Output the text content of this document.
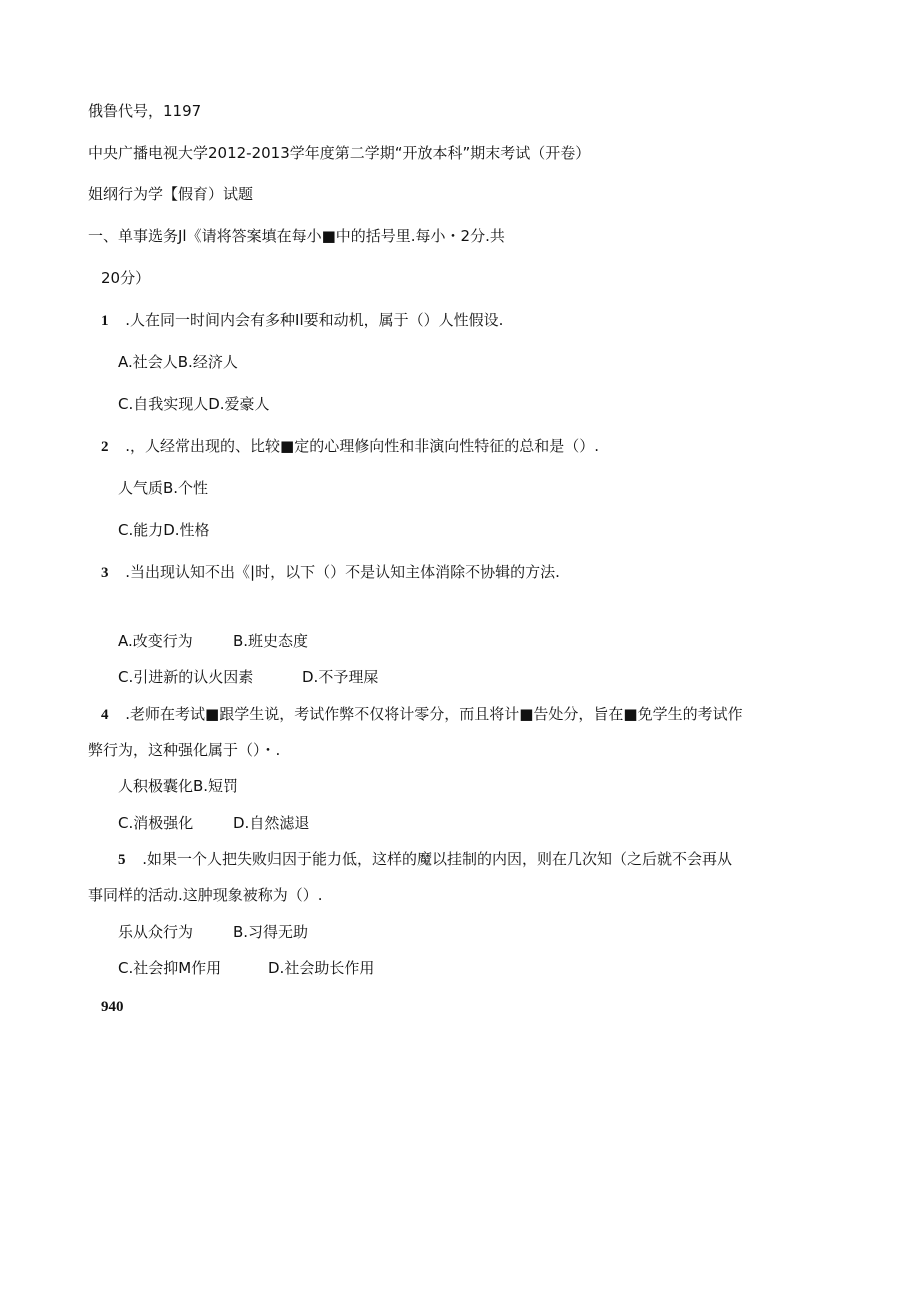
俄鲁代号，1197
中央广播电视大学2012-2013学年度第二学期“开放本科”期末考试（开卷）
姐纲行为学【假育）试题
一、单事选务Jl《请将答案填在每小■中的括号里.每小・2分.共
20分）
1 .人在同一时间内会有多种Il要和动机，属于（）人性假设.
A.社会人B.经济人
C.自我实现人D.爱豪人
2 .，人经常出现的、比较■定的心理修向性和非演向性特征的总和是（）.
人气质B.个性
C.能力D.性格
3 .当出现认知不出《|时，以下（）不是认知主体消除不协辑的方法.
A.改变行为	B.班史态度
C.引进新的认火因素	D.不予理屎
4 .老师在考试■跟学生说，考试作弊不仅将计零分，而且将计■告处分，旨在■免学生的考试作
弊行为，这种强化属于（）・.
人积极囊化B.短罚
C.消极强化	D.自然滤退
5 .如果一个人把失败归因于能力低，这样的魔以挂制的内因，则在几次知（之后就不会再从
事同样的活动.这肿现象被称为（）.
乐从众行为	B.习得无助
C.社会抑M作用	D.社会助长作用
940
